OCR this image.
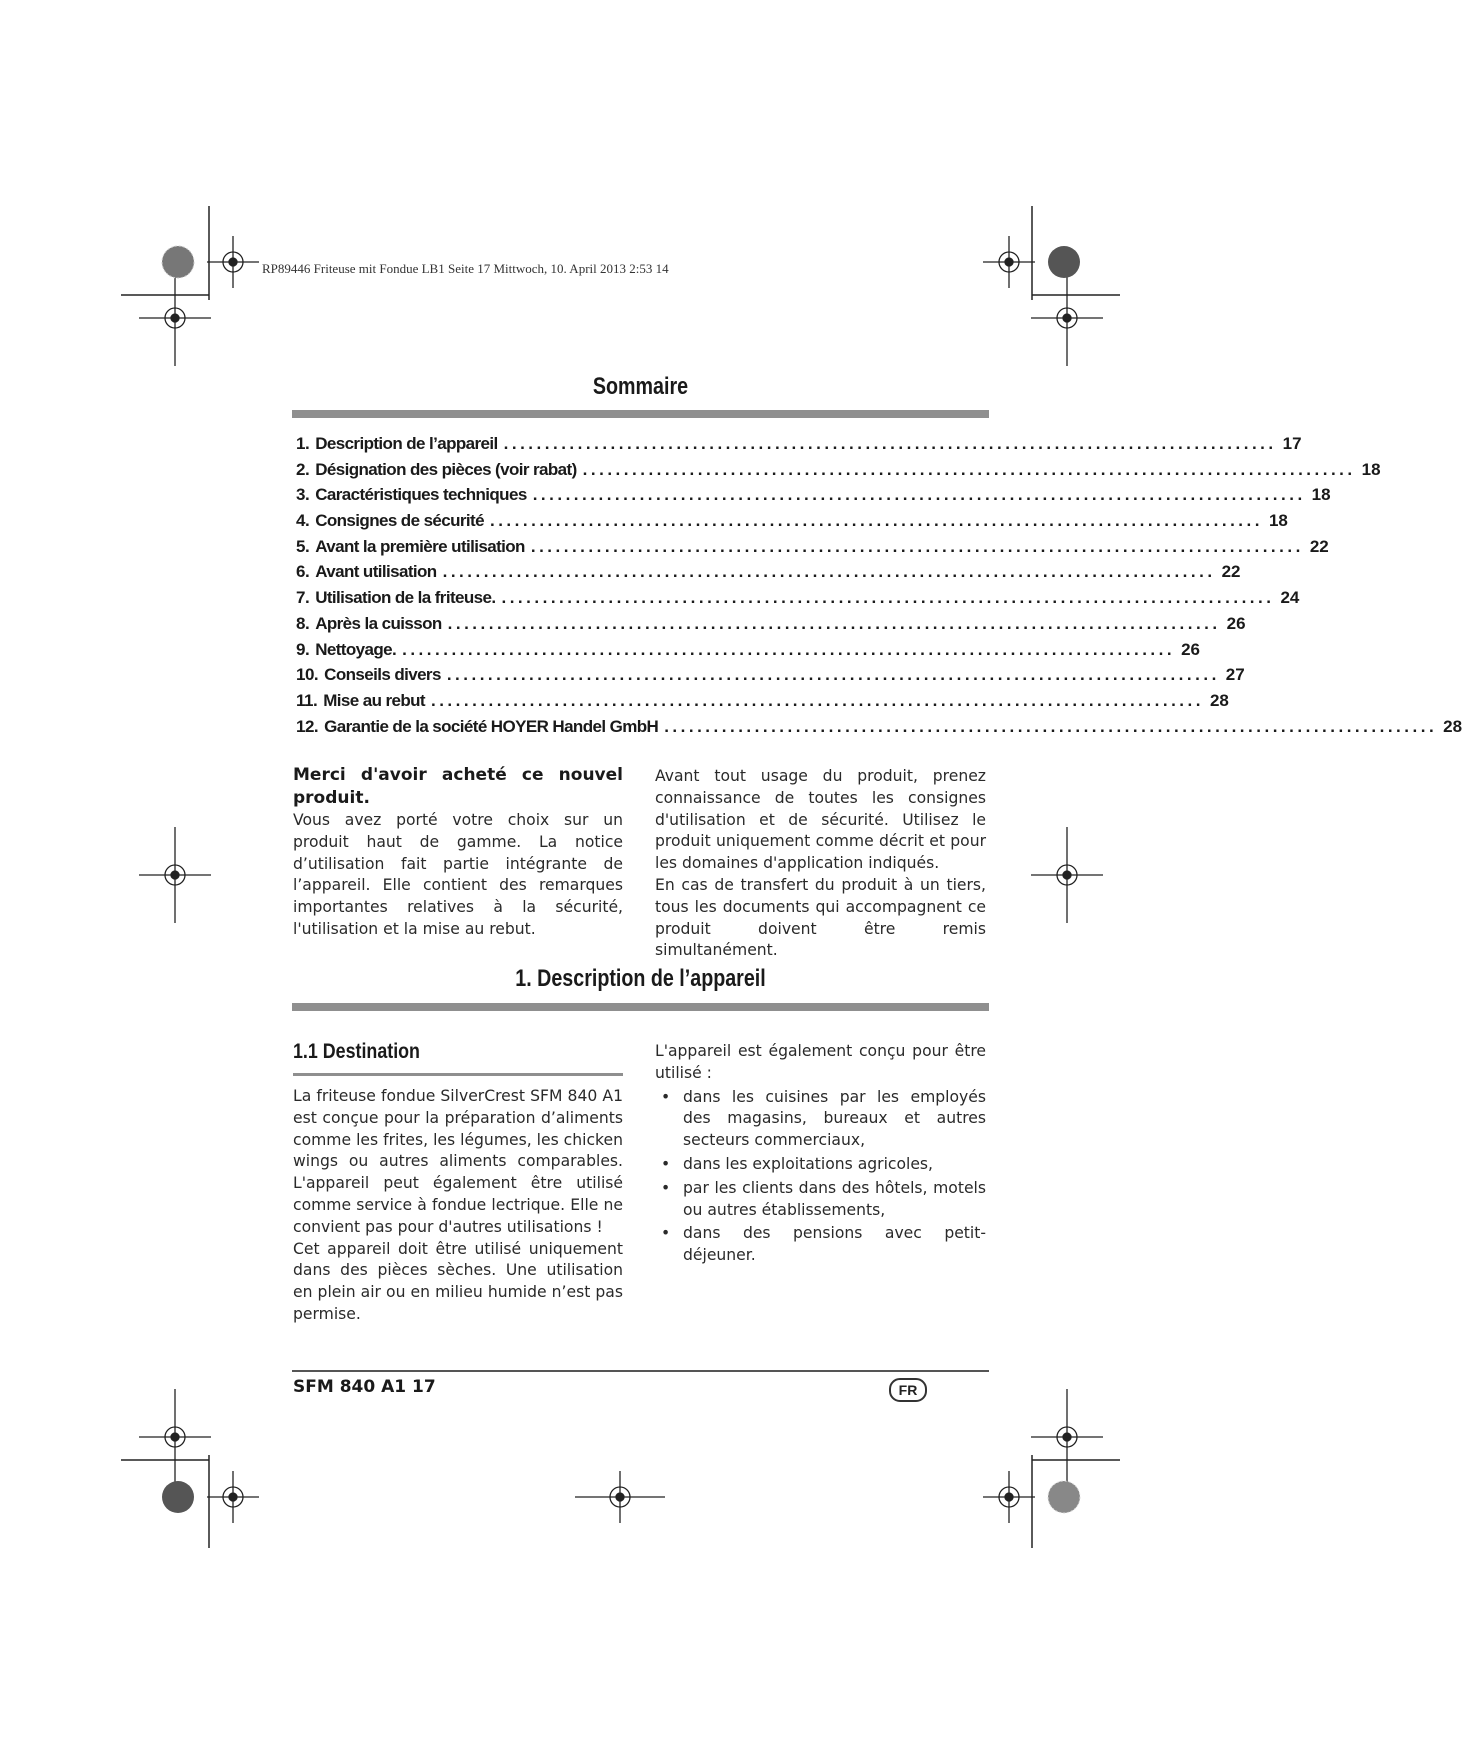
RP89446 Friteuse mit Fondue LB1 Seite 17 Mittwoch, 10. April 2013 2:53 14
Sommaire
1. Description de l’appareil .............................................................................................. 17
2. Désignation des pièces (voir rabat) .............................................................................................. 18
3. Caractéristiques techniques .............................................................................................. 18
4. Consignes de sécurité .............................................................................................. 18
5. Avant la première utilisation .............................................................................................. 22
6. Avant utilisation .............................................................................................. 22
7. Utilisation de la friteuse. .............................................................................................. 24
8. Après la cuisson .............................................................................................. 26
9. Nettoyage. .............................................................................................. 26
10. Conseils divers .............................................................................................. 27
11. Mise au rebut .............................................................................................. 28
12. Garantie de la société HOYER Handel GmbH .............................................................................................. 28

Merci d'avoir acheté ce nouvel produit.

Vous avez porté votre choix sur un produit haut de gamme. La notice d’utilisation fait partie intégrante de l’appareil. Elle contient des remarques importantes relatives à la sécurité, l'utilisation et la mise au rebut.

Avant tout usage du produit, prenez connaissance de toutes les consignes d'utilisation et de sécurité. Utilisez le produit uniquement comme décrit et pour les domaines d'application indiqués.

En cas de transfert du produit à un tiers, tous les documents qui accompagnent ce produit doivent être remis simultanément.

1. Description de l’appareil
1.1 Destination

La friteuse fondue SilverCrest SFM 840 A1 est conçue pour la préparation d’aliments comme les frites, les légumes, les chicken wings ou autres aliments comparables. L'appareil peut également être utilisé comme service à fondue lectrique. Elle ne convient pas pour d'autres utilisations !

Cet appareil doit être utilisé uniquement dans des pièces sèches. Une utilisation en plein air ou en milieu humide n’est pas permise.

L'appareil est également conçu pour être utilisé :

• dans les cuisines par les employés des magasins, bureaux et autres secteurs commerciaux,
• dans les exploitations agricoles,
• par les clients dans des hôtels, motels ou autres établissements,
• dans des pensions avec petit-déjeuner.
SFM 840 A1 17	FR
